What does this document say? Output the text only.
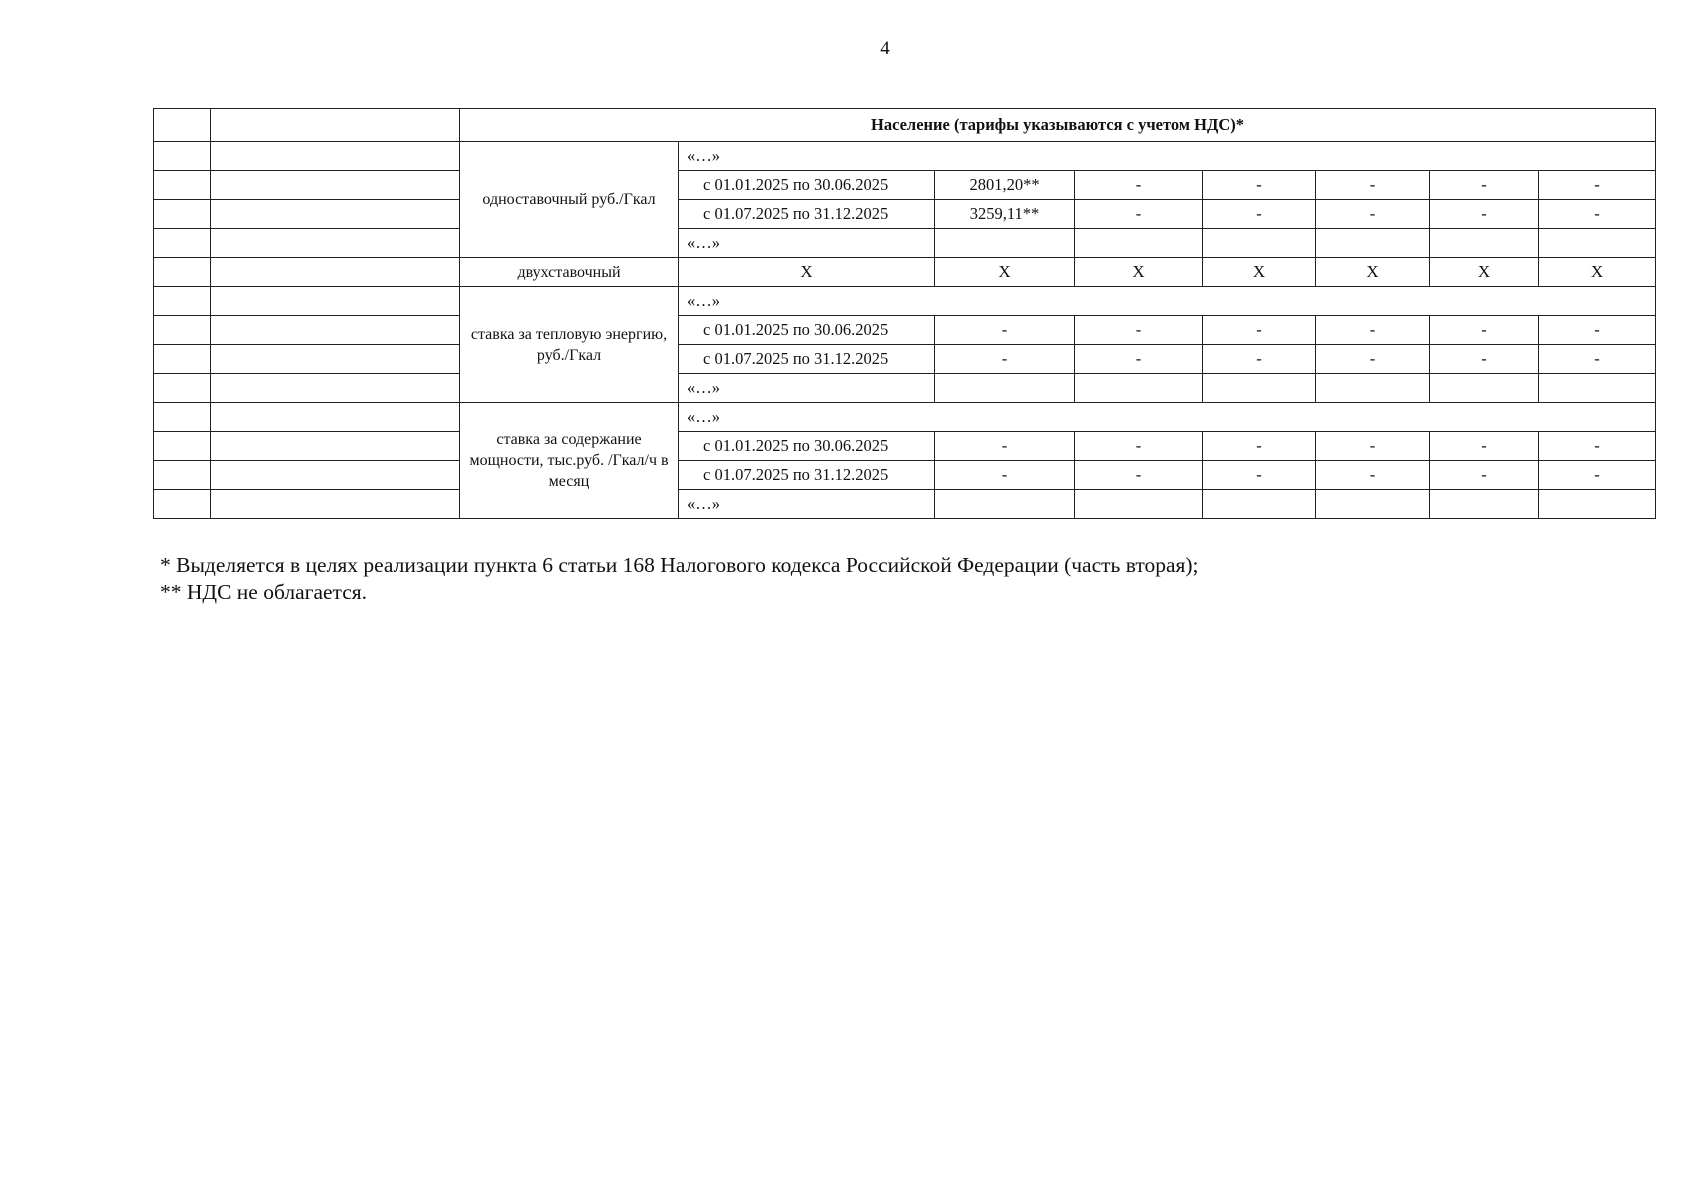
4
		Население (тарифы указываются с учетом НДС)*							
		одноставочный руб./Гкал	«…»						
			с 01.01.2025 по 30.06.2025	2801,20**	-	-	-	-	-
			с 01.07.2025 по 31.12.2025	3259,11**	-	-	-	-	-
			«…»						
		двухставочный	X	X	X	X	X	X	X
		ставка за тепловую энергию, руб./Гкал	«…»						
			с 01.01.2025 по 30.06.2025	-	-	-	-	-	-
			с 01.07.2025 по 31.12.2025	-	-	-	-	-	-
			«…»						
		ставка за содержание мощности, тыс.руб. /Гкал/ч в месяц	«…»						
			с 01.01.2025 по 30.06.2025	-	-	-	-	-	-
			с 01.07.2025 по 31.12.2025	-	-	-	-	-	-
			«…»						
* Выделяется в целях реализации пункта 6 статьи 168 Налогового кодекса Российской Федерации (часть вторая);
** НДС не облагается.
